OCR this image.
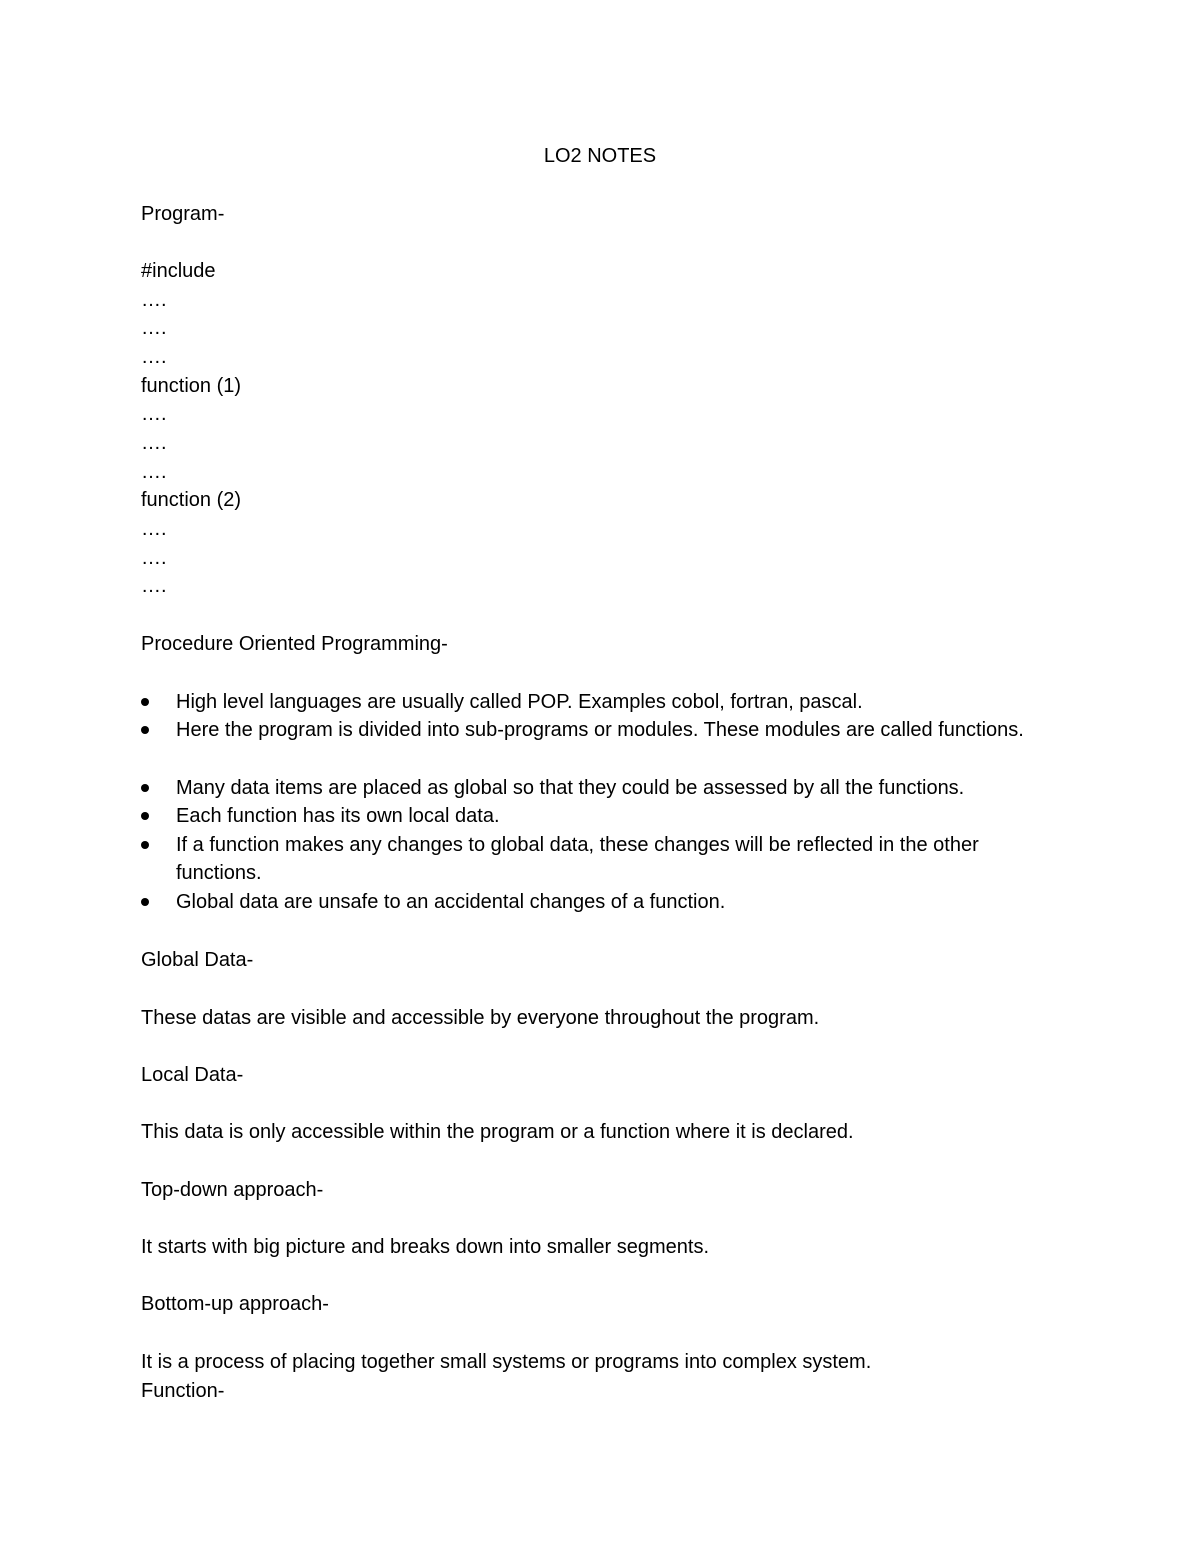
LO2 NOTES
Program-
#include
….
….
….
function (1)
….
….
….
function (2)
….
….
….
Procedure Oriented Programming-
High level languages are usually called POP. Examples cobol, fortran, pascal.
Here the program is divided into sub-programs or modules. These modules are called functions.
Many data items are placed as global so that they could be assessed by all the functions.
Each function has its own local data.
If a function makes any changes to global data, these changes will be reflected in the other functions.
Global data are unsafe to an accidental changes of a function.
Global Data-
These datas are visible and accessible by everyone throughout the program.
Local Data-
This data is only accessible within the program or a function where it is declared.
Top-down approach-
It starts with big picture and breaks down into smaller segments.
Bottom-up approach-
It is a process of placing together small systems or programs into complex system.
Function-
